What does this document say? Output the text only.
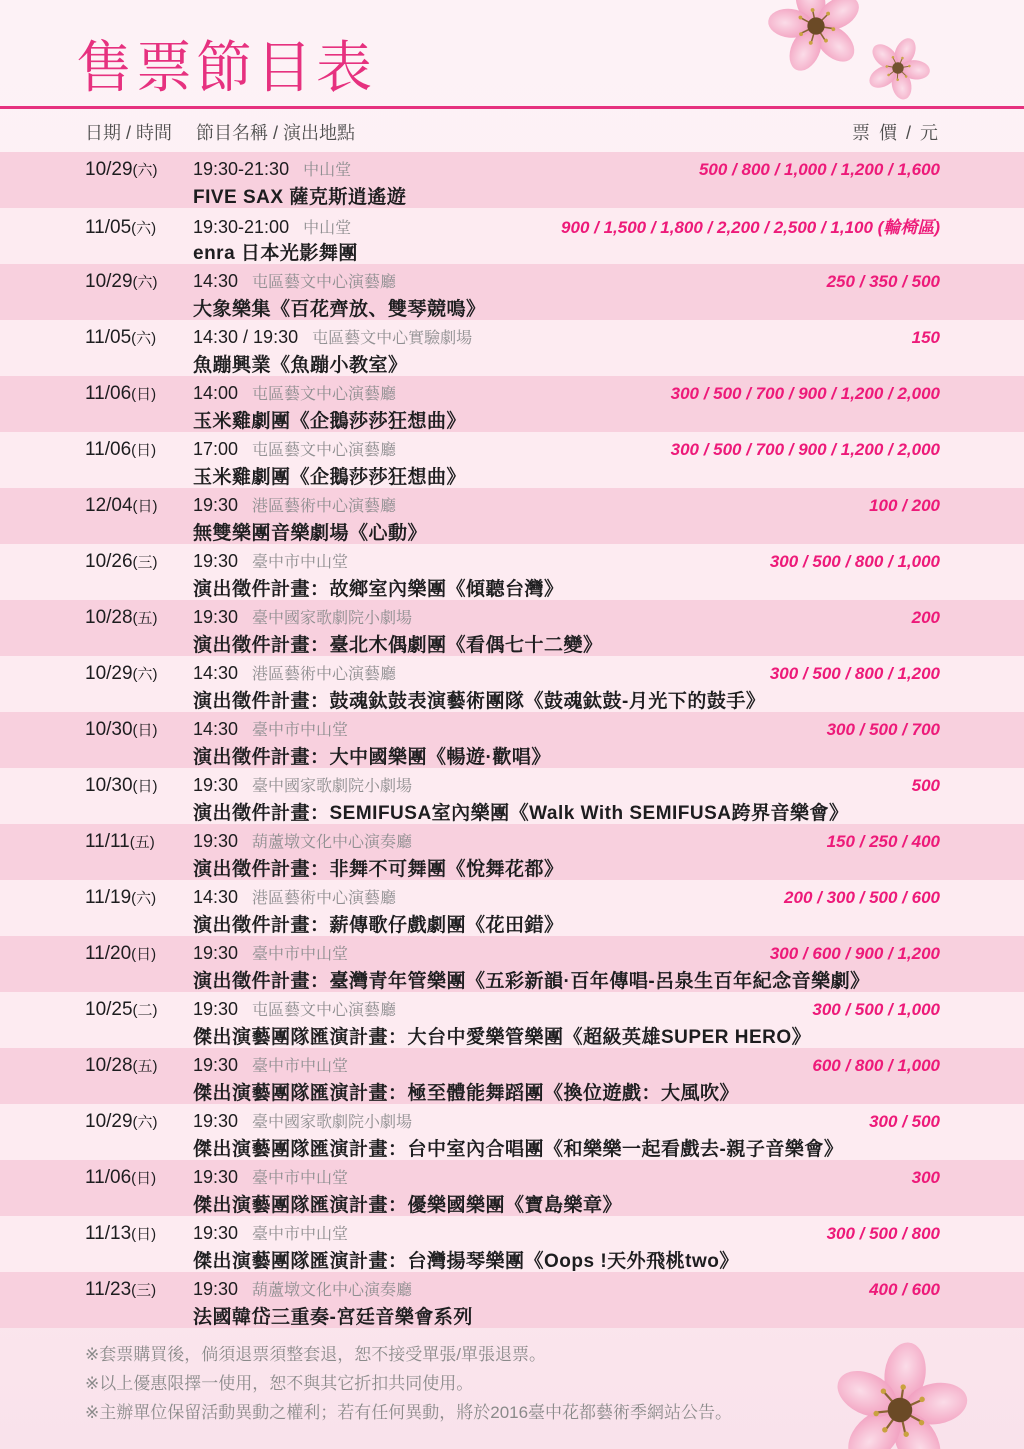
售票節目表
日期 / 時間 節目名稱 / 演出地點	票 價 / 元
10/29(六)	19:30-21:30 中山堂	500 / 800 / 1,000 / 1,200 / 1,600
FIVE SAX 薩克斯逍遙遊
11/05(六)	19:30-21:00 中山堂	900 / 1,500 / 1,800 / 2,200 / 2,500 / 1,100 (輪椅區)
enra 日本光影舞團
10/29(六)	14:30 屯區藝文中心演藝廳	250 / 350 / 500
大象樂集《百花齊放、雙琴競鳴》
11/05(六)	14:30 / 19:30 屯區藝文中心實驗劇場	150
魚蹦興業《魚蹦小教室》
11/06(日)	14:00 屯區藝文中心演藝廳	300 / 500 / 700 / 900 / 1,200 / 2,000
玉米雞劇團《企鵝莎莎狂想曲》
11/06(日)	17:00 屯區藝文中心演藝廳	300 / 500 / 700 / 900 / 1,200 / 2,000
玉米雞劇團《企鵝莎莎狂想曲》
12/04(日)	19:30 港區藝術中心演藝廳	100 / 200
無雙樂團音樂劇場《心動》
10/26(三)	19:30 臺中市中山堂	300 / 500 / 800 / 1,000
演出徵件計畫：故鄉室內樂團《傾聽台灣》
10/28(五)	19:30 臺中國家歌劇院小劇場	200
演出徵件計畫：臺北木偶劇團《看偶七十二變》
10/29(六)	14:30 港區藝術中心演藝廳	300 / 500 / 800 / 1,200
演出徵件計畫：鼓魂鈦鼓表演藝術團隊《鼓魂鈦鼓-月光下的鼓手》
10/30(日)	14:30 臺中市中山堂	300 / 500 / 700
演出徵件計畫：大中國樂團《暢遊·歡唱》
10/30(日)	19:30 臺中國家歌劇院小劇場	500
演出徵件計畫：SEMIFUSA室內樂團《Walk With SEMIFUSA跨界音樂會》
11/11(五)	19:30 葫蘆墩文化中心演奏廳	150 / 250 / 400
演出徵件計畫：非舞不可舞團《悅舞花都》
11/19(六)	14:30 港區藝術中心演藝廳	200 / 300 / 500 / 600
演出徵件計畫：薪傳歌仔戲劇團《花田錯》
11/20(日)	19:30 臺中市中山堂	300 / 600 / 900 / 1,200
演出徵件計畫：臺灣青年管樂團《五彩新韻·百年傳唱-呂泉生百年紀念音樂劇》
10/25(二)	19:30 屯區藝文中心演藝廳	300 / 500 / 1,000
傑出演藝團隊匯演計畫：大台中愛樂管樂團《超級英雄SUPER HERO》
10/28(五)	19:30 臺中市中山堂	600 / 800 / 1,000
傑出演藝團隊匯演計畫：極至體能舞蹈團《換位遊戲：大風吹》
10/29(六)	19:30 臺中國家歌劇院小劇場	300 / 500
傑出演藝團隊匯演計畫：台中室內合唱團《和樂樂一起看戲去-親子音樂會》
11/06(日)	19:30 臺中市中山堂	300
傑出演藝團隊匯演計畫：優樂國樂團《寶島樂章》
11/13(日)	19:30 臺中市中山堂	300 / 500 / 800
傑出演藝團隊匯演計畫：台灣揚琴樂團《Oops !天外飛桃two》
11/23(三)	19:30 葫蘆墩文化中心演奏廳	400 / 600
法國韓岱三重奏-宮廷音樂會系列
※套票購買後，倘須退票須整套退，恕不接受單張/單張退票。
※以上優惠限擇一使用，恕不與其它折扣共同使用。
※主辦單位保留活動異動之權利；若有任何異動，將於2016臺中花都藝術季網站公告。
